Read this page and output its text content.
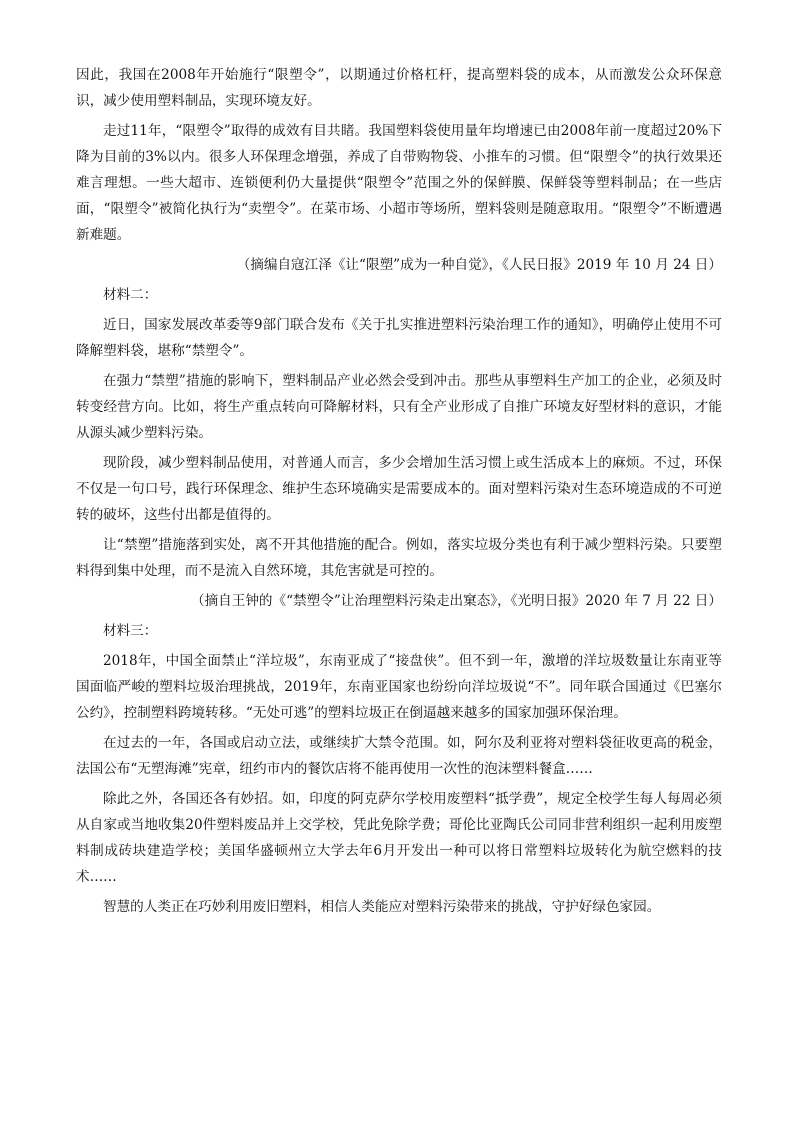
因此，我国在2008年开始施行“限塑令”，以期通过价格杠杆，提高塑料袋的成本，从而激发公众环保意识，减少使用塑料制品，实现环境友好。

走过11年，“限塑令”取得的成效有目共睹。我国塑料袋使用量年均增速已由2008年前一度超过20%下降为目前的3%以内。很多人环保理念增强，养成了自带购物袋、小推车的习惯。但“限塑令”的执行效果还难言理想。一些大超市、连锁便利仍大量提供“限塑令”范围之外的保鲜膜、保鲜袋等塑料制品；在一些店面，“限塑令”被简化执行为“卖塑令”。在菜市场、小超市等场所，塑料袋则是随意取用。“限塑令”不断遭遇新难题。

（摘编自寇江泽《让“限塑”成为一种自觉》，《人民日报》2019 年 10 月 24 日）

材料二：

近日，国家发展改革委等9部门联合发布《关于扎实推进塑料污染治理工作的通知》，明确停止使用不可降解塑料袋，堪称“禁塑令”。

在强力“禁塑”措施的影响下，塑料制品产业必然会受到冲击。那些从事塑料生产加工的企业，必须及时转变经营方向。比如，将生产重点转向可降解材料，只有全产业形成了自推广环境友好型材料的意识，才能从源头减少塑料污染。

现阶段，减少塑料制品使用，对普通人而言，多少会增加生活习惯上或生活成本上的麻烦。不过，环保不仅是一句口号，践行环保理念、维护生态环境确实是需要成本的。面对塑料污染对生态环境造成的不可逆转的破坏，这些付出都是值得的。

让“禁塑”措施落到实处，离不开其他措施的配合。例如，落实垃圾分类也有利于减少塑料污染。只要塑料得到集中处理，而不是流入自然环境，其危害就是可控的。

（摘自王钟的《“禁塑令”让治理塑料污染走出窠态》，《光明日报》2020 年 7 月 22 日）

材料三：

2018年，中国全面禁止“洋垃圾”，东南亚成了“接盘侠”。但不到一年，激增的洋垃圾数量让东南亚等国面临严峻的塑料垃圾治理挑战，2019年，东南亚国家也纷纷向洋垃圾说“不”。同年联合国通过《巴塞尔公约》，控制塑料跨境转移。“无处可逃”的塑料垃圾正在倒逼越来越多的国家加强环保治理。

在过去的一年，各国或启动立法，或继续扩大禁令范围。如，阿尔及利亚将对塑料袋征收更高的税金，法国公布“无塑海滩”宪章，纽约市内的餐饮店将不能再使用一次性的泡沫塑料餐盒……

除此之外，各国还各有妙招。如，印度的阿克萨尔学校用废塑料“抵学费”，规定全校学生每人每周必须从自家或当地收集20件塑料废品并上交学校，凭此免除学费；哥伦比亚陶氏公司同非营利组织一起利用废塑料制成砖块建造学校；美国华盛顿州立大学去年6月开发出一种可以将日常塑料垃圾转化为航空燃料的技术……

智慧的人类正在巧妙利用废旧塑料，相信人类能应对塑料污染带来的挑战，守护好绿色家园。
